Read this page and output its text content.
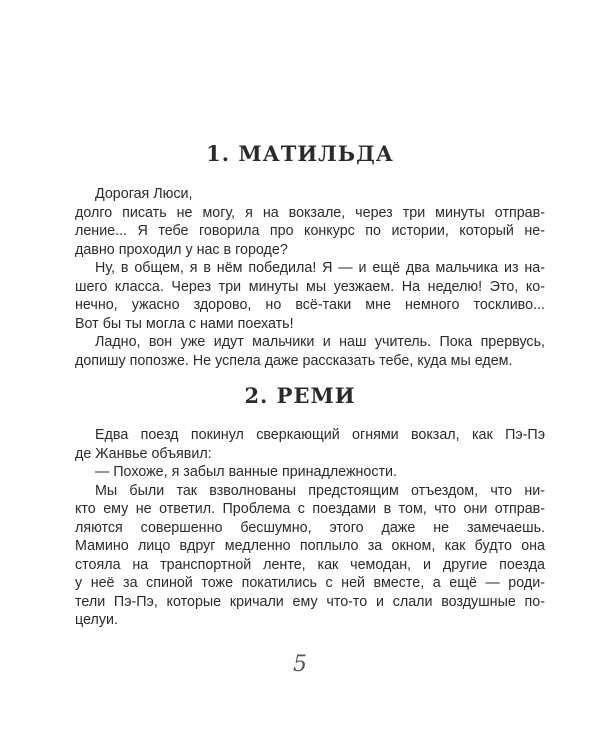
1. МАТИЛЬДА
Дорогая Люси,
долго писать не могу, я на вокзале, через три минуты отправ-
ление... Я тебе говорила про конкурс по истории, который не-
давно проходил у нас в городе?
Ну, в общем, я в нём победила! Я — и ещё два мальчика из на-
шего класса. Через три минуты мы уезжаем. На неделю! Это, ко-
нечно, ужасно здорово, но всё-таки мне немного тоскливо...
Вот бы ты могла с нами поехать!
Ладно, вон уже идут мальчики и наш учитель. Пока прервусь,
допишу попозже. Не успела даже рассказать тебе, куда мы едем.
2. РЕМИ
Едва поезд покинул сверкающий огнями вокзал, как Пэ-Пэ
де Жанвье объявил:
— Похоже, я забыл ванные принадлежности.
Мы были так взволнованы предстоящим отъездом, что ни-
кто ему не ответил. Проблема с поездами в том, что они отправ-
ляются совершенно бесшумно, этого даже не замечаешь.
Мамино лицо вдруг медленно поплыло за окном, как будто она
стояла на транспортной ленте, как чемодан, и другие поезда
у неё за спиной тоже покатились с ней вместе, а ещё — роди-
тели Пэ-Пэ, которые кричали ему что-то и слали воздушные по-
целуи.
5
